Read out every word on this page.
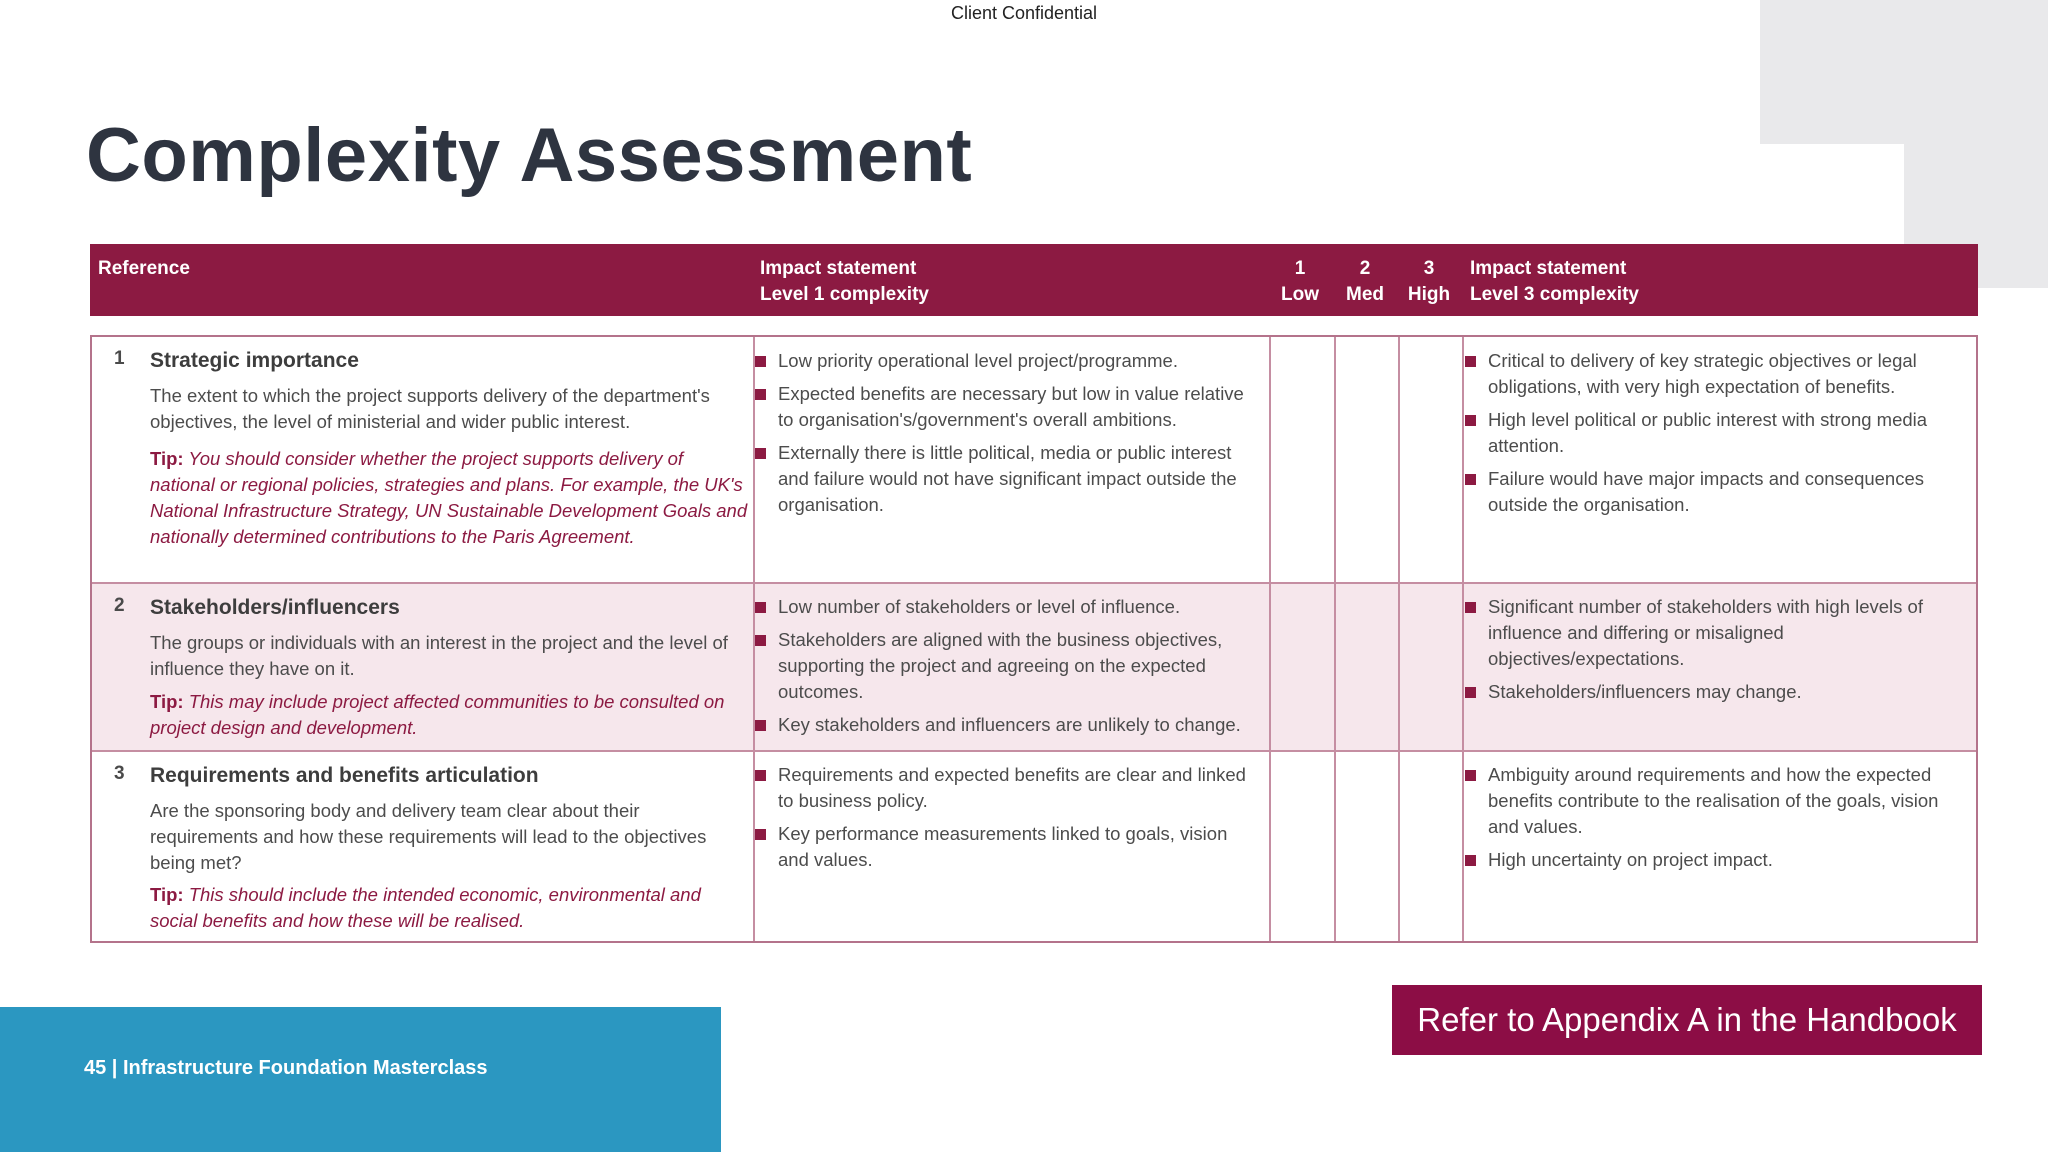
Client Confidential
Complexity Assessment
Reference	Impact statement
Level 1 complexity
1
Low
2
Med
3
High
Impact statement
Level 3 complexity
1 Strategic importance

The extent to which the project supports delivery of the department's objectives, the level of ministerial and wider public interest.

Tip: You should consider whether the project supports delivery of national or regional policies, strategies and plans. For example, the UK's National Infrastructure Strategy, UN Sustainable Development Goals and nationally determined contributions to the Paris Agreement.

Low priority operational level project/programme.
Expected benefits are necessary but low in value relative to organisation's/government's overall ambitions.
Externally there is little political, media or public interest and failure would not have significant impact outside the organisation.
Critical to delivery of key strategic objectives or legal obligations, with very high expectation of benefits.
High level political or public interest with strong media attention.
Failure would have major impacts and consequences outside the organisation.
2 Stakeholders/influencers

The groups or individuals with an interest in the project and the level of influence they have on it.

Tip: This may include project affected communities to be consulted on project design and development.

Low number of stakeholders or level of influence.
Stakeholders are aligned with the business objectives, supporting the project and agreeing on the expected outcomes.
Key stakeholders and influencers are unlikely to change.
Significant number of stakeholders with high levels of influence and differing or misaligned objectives/expectations.
Stakeholders/influencers may change.
3 Requirements and benefits articulation

Are the sponsoring body and delivery team clear about their requirements and how these requirements will lead to the objectives being met?

Tip: This should include the intended economic, environmental and social benefits and how these will be realised.

Requirements and expected benefits are clear and linked to business policy.
Key performance measurements linked to goals, vision and values.
Ambiguity around requirements and how the expected benefits contribute to the realisation of the goals, vision and values.
High uncertainty on project impact.
Refer to Appendix A in the Handbook
45 | Infrastructure Foundation Masterclass
